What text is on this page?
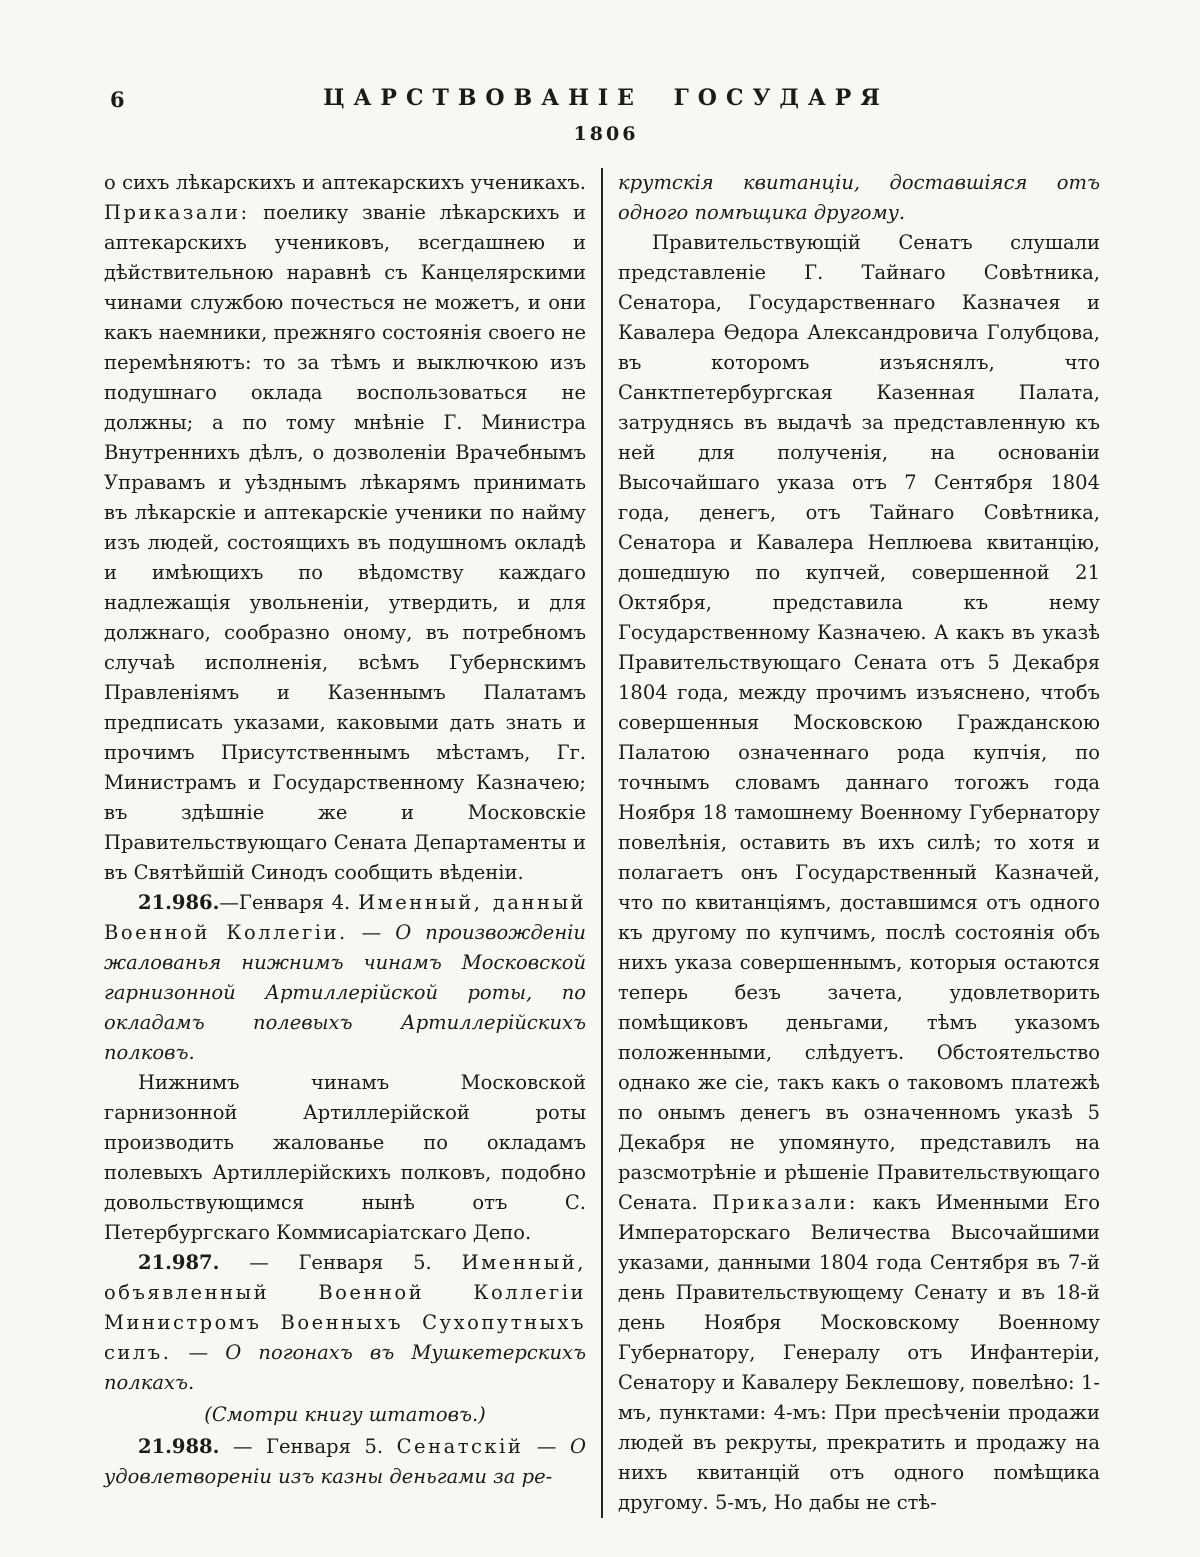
6	ЦАРСТВОВАНІЕ ГОСУДАРЯ
1806

о сихъ лѣкарскихъ и аптекарскихъ ученикахъ. Приказали: поелику званіе лѣкарскихъ и аптекарскихъ учениковъ, всегдашнею и дѣйствительною наравнѣ съ Канцелярскими чинами службою почесться не можетъ, и они какъ наемники, прежняго состоянія своего не перемѣняютъ: то за тѣмъ и выключкою изъ подушнаго оклада воспользоваться не должны; а по тому мнѣніе Г. Министра Внутреннихъ дѣлъ, о дозволеніи Врачебнымъ Управамъ и уѣзднымъ лѣкарямъ принимать въ лѣкарскіе и аптекарскіе ученики по найму изъ людей, состоящихъ въ подушномъ окладѣ и имѣющихъ по вѣдомству каждаго надлежащія увольненіи, утвердить, и для должнаго, сообразно оному, въ потребномъ случаѣ исполненія, всѣмъ Губернскимъ Правленіямъ и Казеннымъ Палатамъ предписать указами, каковыми дать знать и прочимъ Присутственнымъ мѣстамъ, Гг. Министрамъ и Государственному Казначею; въ здѣшніе же и Московскіе Правительствующаго Сената Департаменты и въ Святѣйшій Синодъ сообщить вѣденіи.

21.986.—Генваря 4. Именный, данный Военной Коллегіи. — О произвожденіи жалованья нижнимъ чинамъ Московской гарнизонной Артиллерійской роты, по окладамъ полевыхъ Артиллерійскихъ полковъ.

Нижнимъ чинамъ Московской гарнизонной Артиллерійской роты производить жалованье по окладамъ полевыхъ Артиллерійскихъ полковъ, подобно довольствующимся нынѣ отъ С. Петербургскаго Коммисаріатскаго Депо.

21.987. — Генваря 5. Именный, объявленный Военной Коллегіи Министромъ Военныхъ Сухопутныхъ силъ. — О погонахъ въ Мушкетерскихъ полкахъ.

(Смотри книгу штатовъ.)

21.988. — Генваря 5. Сенатскій — О удовлетвореніи изъ казны деньгами за ре-

крутскія квитанціи, доставшіяся отъ одного помѣщика другому.

Правительствующій Сенатъ слушали представленіе Г. Тайнаго Совѣтника, Сенатора, Государственнаго Казначея и Кавалера Ѳедора Александровича Голубцова, въ которомъ изъяснялъ, что Санктпетербургская Казенная Палата, затруднясь въ выдачѣ за представленную къ ней для полученія, на основаніи Высочайшаго указа отъ 7 Сентября 1804 года, денегъ, отъ Тайнаго Совѣтника, Сенатора и Кавалера Неплюева квитанцію, дошедшую по купчей, совершенной 21 Октября, представила къ нему Государственному Казначею. А какъ въ указѣ Правительствующаго Сената отъ 5 Декабря 1804 года, между прочимъ изъяснено, чтобъ совершенныя Московскою Гражданскою Палатою означеннаго рода купчія, по точнымъ словамъ даннаго тогожъ года Ноября 18 тамошнему Военному Губернатору повелѣнія, оставить въ ихъ силѣ; то хотя и полагаетъ онъ Государственный Казначей, что по квитанціямъ, доставшимся отъ одного къ другому по купчимъ, послѣ состоянія объ нихъ указа совершеннымъ, которыя остаются теперь безъ зачета, удовлетворить помѣщиковъ деньгами, тѣмъ указомъ положенными, слѣдуетъ. Обстоятельство однако же сіе, такъ какъ о таковомъ платежѣ по онымъ денегъ въ означенномъ указѣ 5 Декабря не упомянуто, представилъ на разсмотрѣніе и рѣшеніе Правительствующаго Сената. Приказали: какъ Именными Его Императорскаго Величества Высочайшими указами, данными 1804 года Сентября въ 7-й день Правительствующему Сенату и въ 18-й день Ноября Московскому Военному Губернатору, Генералу отъ Инфантеріи, Сенатору и Кавалеру Беклешову, повелѣно: 1-мъ, пунктами: 4-мъ: При пресѣченіи продажи людей въ рекруты, прекратить и продажу на нихъ квитанцій отъ одного помѣщика другому. 5-мъ, Но дабы не стѣ-
